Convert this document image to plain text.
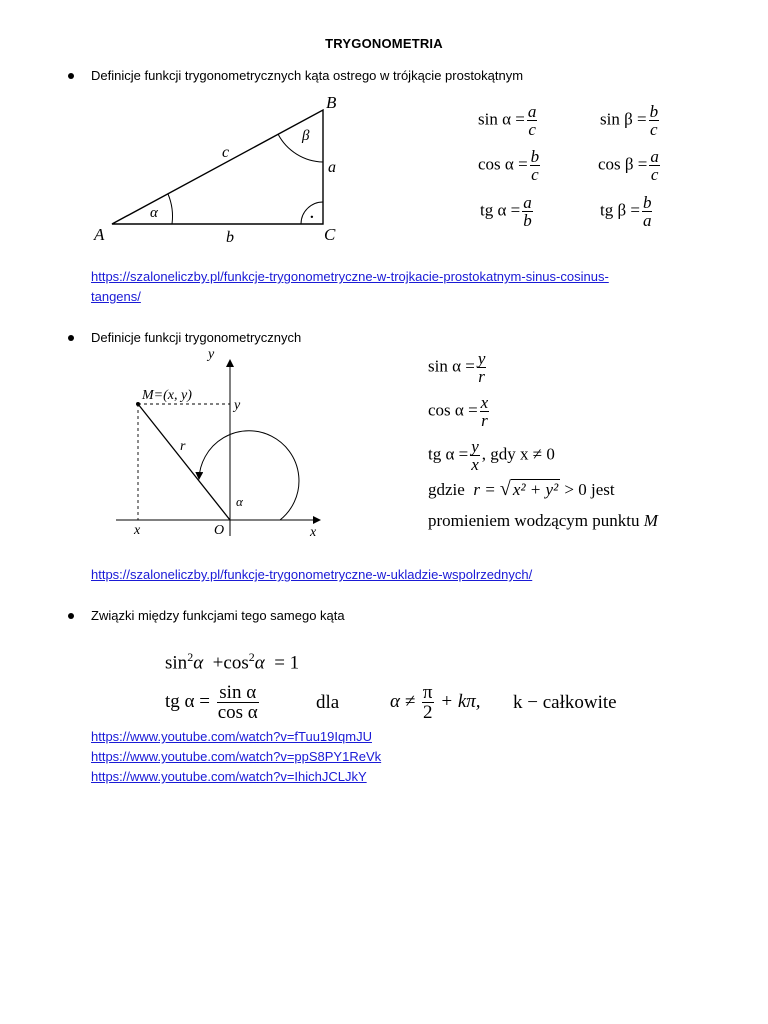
TRYGONOMETRIA
Definicje funkcji trygonometrycznych kąta ostrego w trójkącie prostokątnym
A
B
C
a
b
c
α
β
.
$\sin \alpha = \frac{a}{c}$	$\sin \beta = \frac{b}{c}$
$\cos \alpha = \frac{b}{c}$	$\cos \beta = \frac{a}{c}$
tg $\alpha = \frac{a}{b}$	tg $\beta = \frac{b}{a}$
https://szaloneliczby.pl/funkcje-trygonometryczne-w-trojkacie-prostokatnym-sinus-cosinus-
tangens/
Definicje funkcji trygonometrycznych
y
x
M=(x, y)
y
x	O
r
α
$\sin \alpha = \frac{y}{r}$
$\cos \alpha = \frac{x}{r}$
tg $\alpha = \frac{y}{x}$ , gdy x ≠ 0
gdzie r = √ x² + y² > 0 jest
promieniem wodzącym punktu M
https://szaloneliczby.pl/funkcje-trygonometryczne-w-ukladzie-wspolrzednych/
Związki między funkcjami tego samego kąta
$\sin^2\alpha +\cos^2\alpha = 1$
tg $\alpha = \frac{\text{sin α}}{\text{cos α}}$	dla	$\alpha \ne \frac{\pi}{2} + k\pi$, k − całkowite
https://www.youtube.com/watch?v=fTuu19IqmJU
https://www.youtube.com/watch?v=ppS8PY1ReVk
https://www.youtube.com/watch?v=IhichJCLJkY
